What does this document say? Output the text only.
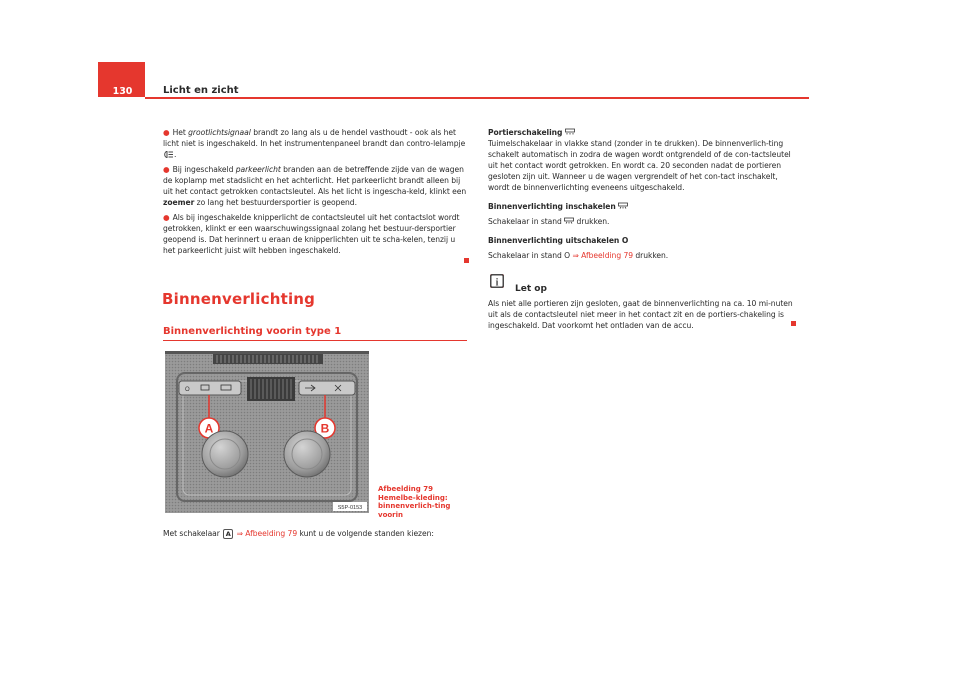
130	Licht en zicht

● Het grootlichtsignaal brandt zo lang als u de hendel vasthoudt - ook als het licht niet is ingeschakeld. In het instrumentenpaneel brandt dan contro-lelampje .

● Bij ingeschakeld parkeerlicht branden aan de betreffende zijde van de wagen de koplamp met stadslicht en het achterlicht. Het parkeerlicht brandt alleen bij uit het contact getrokken contactsleutel. Als het licht is ingescha-keld, klinkt een zoemer zo lang het bestuurdersportier is geopend.

● Als bij ingeschakelde knipperlicht de contactsleutel uit het contactslot wordt getrokken, klinkt er een waarschuwingssignaal zolang het bestuur-dersportier geopend is. Dat herinnert u eraan de knipperlichten uit te scha-kelen, tenzij u het parkeerlicht juist wilt hebben ingeschakeld.

Binnenverlichting
Binnenverlichting voorin type 1
O
A	B
S5P-0153
Afbeelding 79 Hemelbe-kleding: binnenverlich-ting voorin
Met schakelaar A ⇒ Afbeelding 79 kunt u de volgende standen kiezen:

Portierschakeling

Tuimelschakelaar in vlakke stand (zonder in te drukken). De binnenverlich-ting schakelt automatisch in zodra de wagen wordt ontgrendeld of de con-tactsleutel uit het contact wordt getrokken. En wordt ca. 20 seconden nadat de portieren gesloten zijn uit. Wanneer u de wagen vergrendelt of het con-tact inschakelt, wordt de binnenverlichting eveneens uitgeschakeld.

Binnenverlichting inschakelen

Schakelaar in stand  drukken.

Binnenverlichting uitschakelen O

Schakelaar in stand O ⇒ Afbeelding 79 drukken.

i
Let op
Als niet alle portieren zijn gesloten, gaat de binnenverlichting na ca. 10 mi-nuten uit als de contactsleutel niet meer in het contact zit en de portiers-chakeling is ingeschakeld. Dat voorkomt het ontladen van de accu.
